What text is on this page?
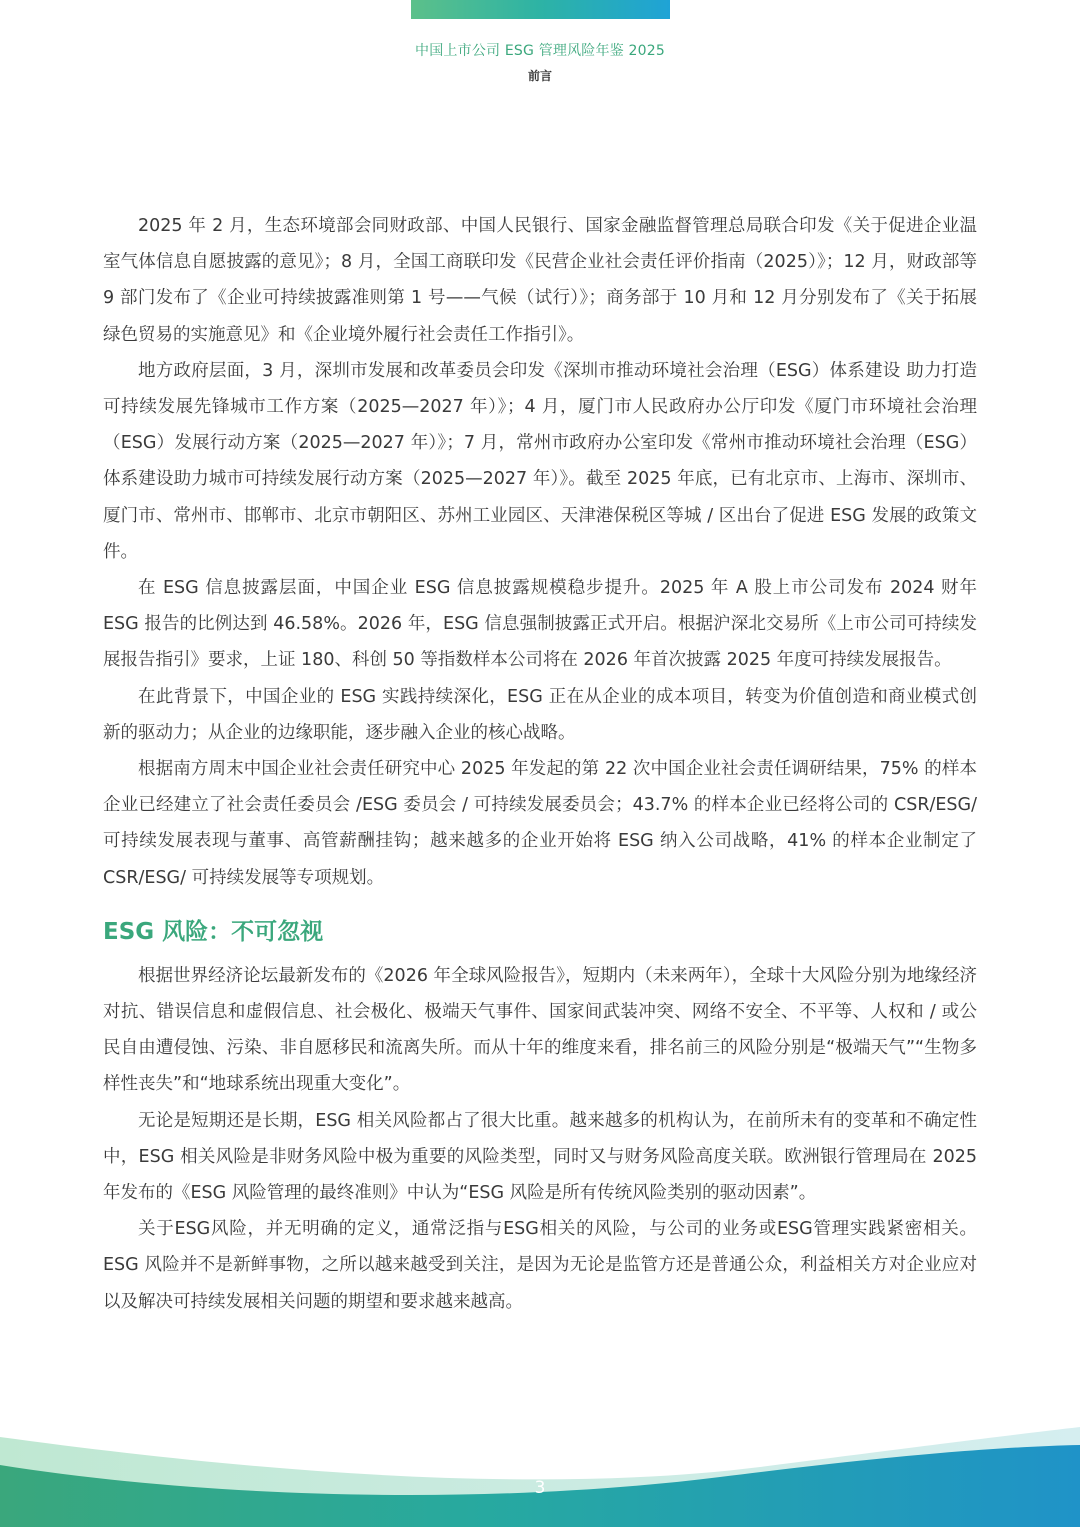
中国上市公司 ESG 管理风险年鉴 2025
前言

2025 年 2 月，生态环境部会同财政部、中国人民银行、国家金融监督管理总局联合印发《关于促进企业温室气体信息自愿披露的意见》；8 月，全国工商联印发《民营企业社会责任评价指南（2025）》；12 月，财政部等 9 部门发布了《企业可持续披露准则第 1 号——气候（试行）》；商务部于 10 月和 12 月分别发布了《关于拓展绿色贸易的实施意见》和《企业境外履行社会责任工作指引》。

地方政府层面，3 月，深圳市发展和改革委员会印发《深圳市推动环境社会治理（ESG）体系建设 助力打造可持续发展先锋城市工作方案（2025—2027 年）》；4 月，厦门市人民政府办公厅印发《厦门市环境社会治理（ESG）发展行动方案（2025—2027 年）》；7 月，常州市政府办公室印发《常州市推动环境社会治理（ESG）体系建设助力城市可持续发展行动方案（2025—2027 年）》。截至 2025 年底，已有北京市、上海市、深圳市、厦门市、常州市、邯郸市、北京市朝阳区、苏州工业园区、天津港保税区等城 / 区出台了促进 ESG 发展的政策文件。

在 ESG 信息披露层面，中国企业 ESG 信息披露规模稳步提升。2025 年 A 股上市公司发布 2024 财年 ESG 报告的比例达到 46.58%。2026 年，ESG 信息强制披露正式开启。根据沪深北交易所《上市公司可持续发展报告指引》要求，上证 180、科创 50 等指数样本公司将在 2026 年首次披露 2025 年度可持续发展报告。

在此背景下，中国企业的 ESG 实践持续深化，ESG 正在从企业的成本项目，转变为价值创造和商业模式创新的驱动力；从企业的边缘职能，逐步融入企业的核心战略。

根据南方周末中国企业社会责任研究中心 2025 年发起的第 22 次中国企业社会责任调研结果，75% 的样本企业已经建立了社会责任委员会 /ESG 委员会 / 可持续发展委员会；43.7% 的样本企业已经将公司的 CSR/ESG/ 可持续发展表现与董事、高管薪酬挂钩；越来越多的企业开始将 ESG 纳入公司战略，41% 的样本企业制定了 CSR/ESG/ 可持续发展等专项规划。

ESG 风险：不可忽视

根据世界经济论坛最新发布的《2026 年全球风险报告》，短期内（未来两年），全球十大风险分别为地缘经济对抗、错误信息和虚假信息、社会极化、极端天气事件、国家间武装冲突、网络不安全、不平等、人权和 / 或公民自由遭侵蚀、污染、非自愿移民和流离失所。而从十年的维度来看，排名前三的风险分别是“极端天气”“生物多样性丧失”和“地球系统出现重大变化”。

无论是短期还是长期，ESG 相关风险都占了很大比重。越来越多的机构认为，在前所未有的变革和不确定性中，ESG 相关风险是非财务风险中极为重要的风险类型，同时又与财务风险高度关联。欧洲银行管理局在 2025 年发布的《ESG 风险管理的最终准则》中认为“ESG 风险是所有传统风险类别的驱动因素”。

关于ESG风险，并无明确的定义，通常泛指与ESG相关的风险，与公司的业务或ESG管理实践紧密相关。ESG 风险并不是新鲜事物，之所以越来越受到关注，是因为无论是监管方还是普通公众，利益相关方对企业应对以及解决可持续发展相关问题的期望和要求越来越高。

3
